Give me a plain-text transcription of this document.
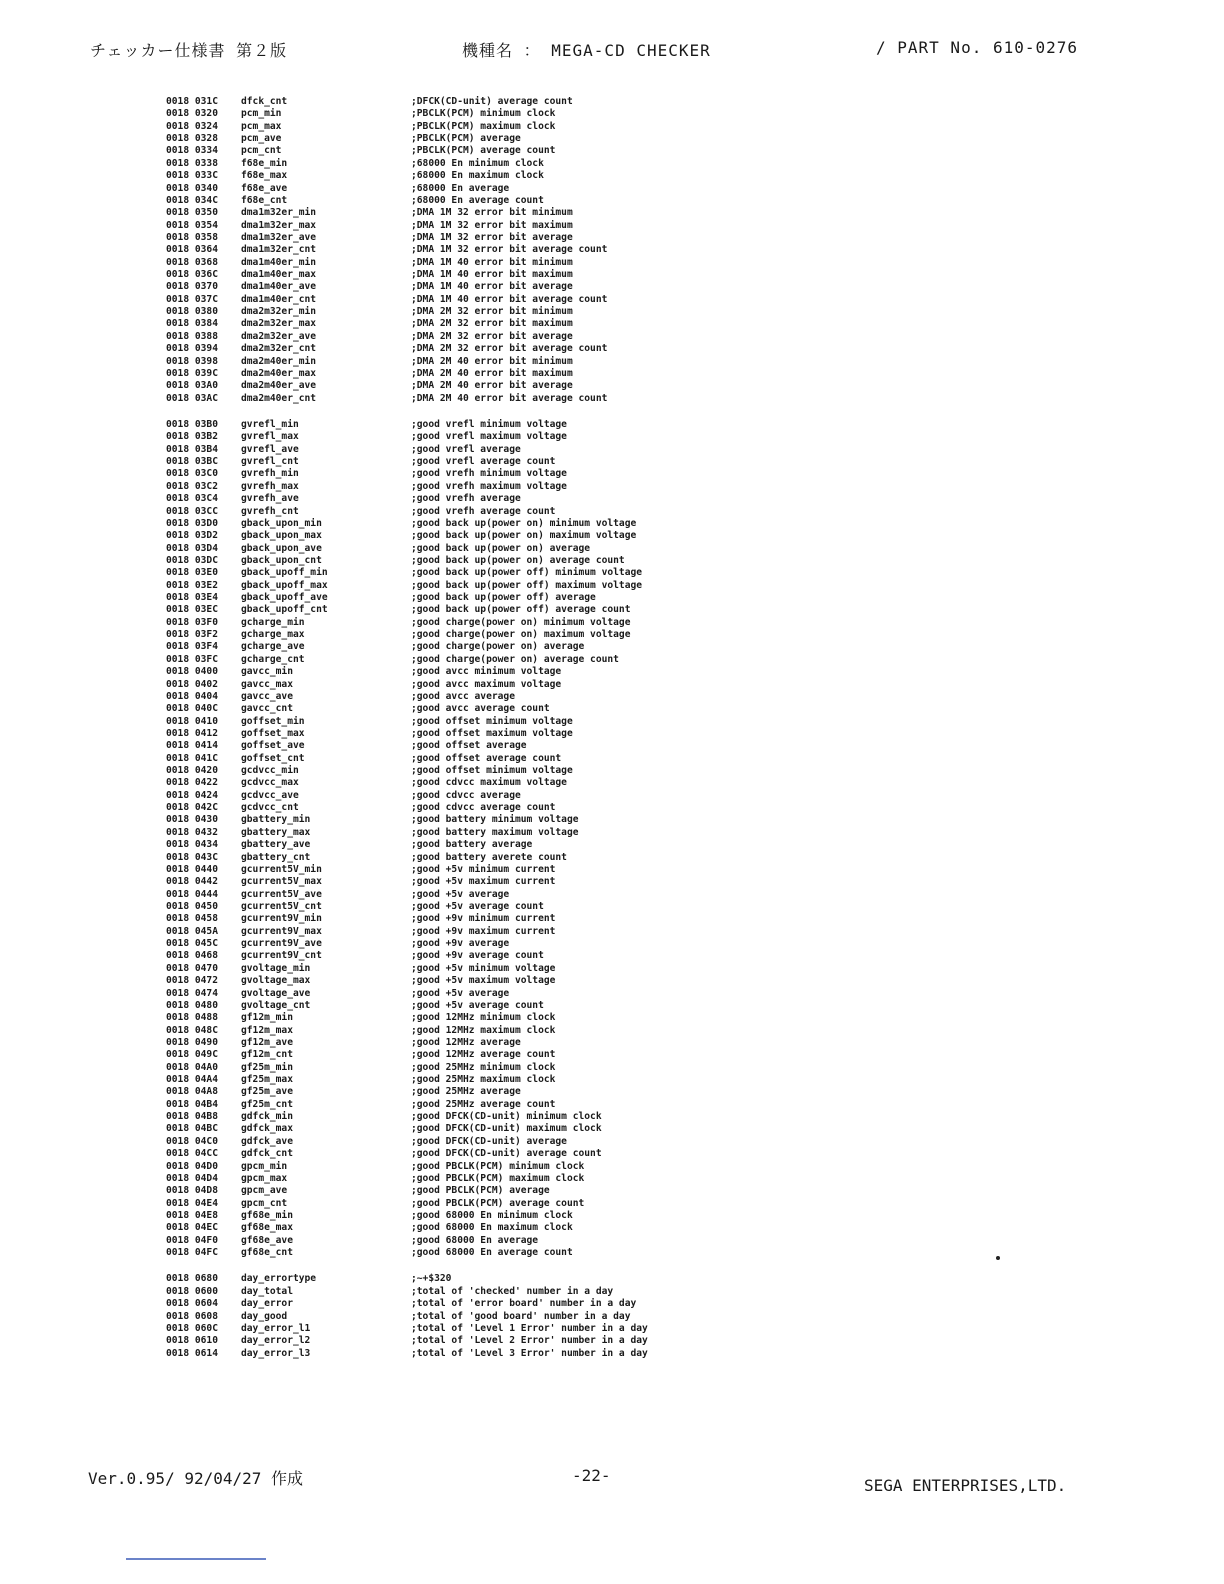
チェッカー仕様書 第２版	機種名 ： MEGA-CD CHECKER	/ PART No. 610-0276
0018 031C	dfck_cnt	;DFCK(CD-unit) average count
0018 0320	pcm_min	;PBCLK(PCM) minimum clock
0018 0324	pcm_max	;PBCLK(PCM) maximum clock
0018 0328	pcm_ave	;PBCLK(PCM) average
0018 0334	pcm_cnt	;PBCLK(PCM) average count
0018 0338	f68e_min	;68000 En minimum clock
0018 033C	f68e_max	;68000 En maximum clock
0018 0340	f68e_ave	;68000 En average
0018 034C	f68e_cnt	;68000 En average count
0018 0350	dma1m32er_min	;DMA 1M 32 error bit minimum
0018 0354	dma1m32er_max	;DMA 1M 32 error bit maximum
0018 0358	dma1m32er_ave	;DMA 1M 32 error bit average
0018 0364	dma1m32er_cnt	;DMA 1M 32 error bit average count
0018 0368	dma1m40er_min	;DMA 1M 40 error bit minimum
0018 036C	dma1m40er_max	;DMA 1M 40 error bit maximum
0018 0370	dma1m40er_ave	;DMA 1M 40 error bit average
0018 037C	dma1m40er_cnt	;DMA 1M 40 error bit average count
0018 0380	dma2m32er_min	;DMA 2M 32 error bit minimum
0018 0384	dma2m32er_max	;DMA 2M 32 error bit maximum
0018 0388	dma2m32er_ave	;DMA 2M 32 error bit average
0018 0394	dma2m32er_cnt	;DMA 2M 32 error bit average count
0018 0398	dma2m40er_min	;DMA 2M 40 error bit minimum
0018 039C	dma2m40er_max	;DMA 2M 40 error bit maximum
0018 03A0	dma2m40er_ave	;DMA 2M 40 error bit average
0018 03AC	dma2m40er_cnt	;DMA 2M 40 error bit average count
0018 03B0	gvrefl_min	;good vrefl minimum voltage
0018 03B2	gvrefl_max	;good vrefl maximum voltage
0018 03B4	gvrefl_ave	;good vrefl average
0018 03BC	gvrefl_cnt	;good vrefl average count
0018 03C0	gvrefh_min	;good vrefh minimum voltage
0018 03C2	gvrefh_max	;good vrefh maximum voltage
0018 03C4	gvrefh_ave	;good vrefh average
0018 03CC	gvrefh_cnt	;good vrefh average count
0018 03D0	gback_upon_min	;good back up(power on) minimum voltage
0018 03D2	gback_upon_max	;good back up(power on) maximum voltage
0018 03D4	gback_upon_ave	;good back up(power on) average
0018 03DC	gback_upon_cnt	;good back up(power on) average count
0018 03E0	gback_upoff_min	;good back up(power off) minimum voltage
0018 03E2	gback_upoff_max	;good back up(power off) maximum voltage
0018 03E4	gback_upoff_ave	;good back up(power off) average
0018 03EC	gback_upoff_cnt	;good back up(power off) average count
0018 03F0	gcharge_min	;good charge(power on) minimum voltage
0018 03F2	gcharge_max	;good charge(power on) maximum voltage
0018 03F4	gcharge_ave	;good charge(power on) average
0018 03FC	gcharge_cnt	;good charge(power on) average count
0018 0400	gavcc_min	;good avcc minimum voltage
0018 0402	gavcc_max	;good avcc maximum voltage
0018 0404	gavcc_ave	;good avcc average
0018 040C	gavcc_cnt	;good avcc average count
0018 0410	goffset_min	;good offset minimum voltage
0018 0412	goffset_max	;good offset maximum voltage
0018 0414	goffset_ave	;good offset average
0018 041C	goffset_cnt	;good offset average count
0018 0420	gcdvcc_min	;good offset minimum voltage
0018 0422	gcdvcc_max	;good cdvcc maximum voltage
0018 0424	gcdvcc_ave	;good cdvcc average
0018 042C	gcdvcc_cnt	;good cdvcc average count
0018 0430	gbattery_min	;good battery minimum voltage
0018 0432	gbattery_max	;good battery maximum voltage
0018 0434	gbattery_ave	;good battery average
0018 043C	gbattery_cnt	;good battery averete count
0018 0440	gcurrent5V_min	;good +5v minimum current
0018 0442	gcurrent5V_max	;good +5v maximum current
0018 0444	gcurrent5V_ave	;good +5v average
0018 0450	gcurrent5V_cnt	;good +5v average count
0018 0458	gcurrent9V_min	;good +9v minimum current
0018 045A	gcurrent9V_max	;good +9v maximum current
0018 045C	gcurrent9V_ave	;good +9v average
0018 0468	gcurrent9V_cnt	;good +9v average count
0018 0470	gvoltage_min	;good +5v minimum voltage
0018 0472	gvoltage_max	;good +5v maximum voltage
0018 0474	gvoltage_ave	;good +5v average
0018 0480	gvoltage_cnt	;good +5v average count
0018 0488	gf12m_min	;good 12MHz minimum clock
0018 048C	gf12m_max	;good 12MHz maximum clock
0018 0490	gf12m_ave	;good 12MHz average
0018 049C	gf12m_cnt	;good 12MHz average count
0018 04A0	gf25m_min	;good 25MHz minimum clock
0018 04A4	gf25m_max	;good 25MHz maximum clock
0018 04A8	gf25m_ave	;good 25MHz average
0018 04B4	gf25m_cnt	;good 25MHz average count
0018 04B8	gdfck_min	;good DFCK(CD-unit) minimum clock
0018 04BC	gdfck_max	;good DFCK(CD-unit) maximum clock
0018 04C0	gdfck_ave	;good DFCK(CD-unit) average
0018 04CC	gdfck_cnt	;good DFCK(CD-unit) average count
0018 04D0	gpcm_min	;good PBCLK(PCM) minimum clock
0018 04D4	gpcm_max	;good PBCLK(PCM) maximum clock
0018 04D8	gpcm_ave	;good PBCLK(PCM) average
0018 04E4	gpcm_cnt	;good PBCLK(PCM) average count
0018 04E8	gf68e_min	;good 68000 En minimum clock
0018 04EC	gf68e_max	;good 68000 En maximum clock
0018 04F0	gf68e_ave	;good 68000 En average
0018 04FC	gf68e_cnt	;good 68000 En average count
0018 0680	day_errortype	;~+$320
0018 0600	day_total	;total of 'checked' number in a day
0018 0604	day_error	;total of 'error board' number in a day
0018 0608	day_good	;total of 'good board' number in a day
0018 060C	day_error_l1	;total of 'Level 1 Error' number in a day
0018 0610	day_error_l2	;total of 'Level 2 Error' number in a day
0018 0614	day_error_l3	;total of 'Level 3 Error' number in a day
Ver.0.95/ 92/04/27 作成	-22-
SEGA ENTERPRISES,LTD.
